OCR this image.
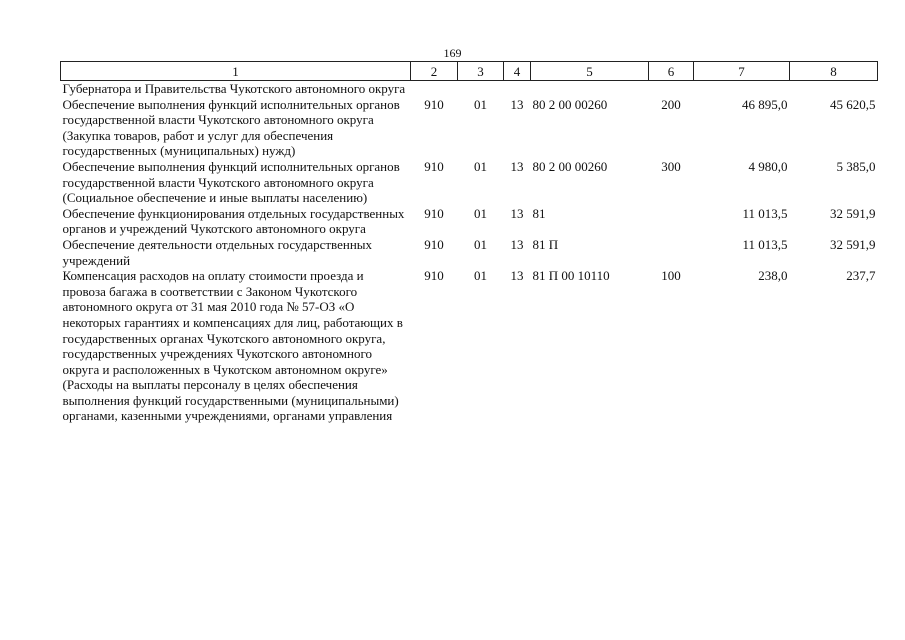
169
1	2	3	4	5	6	7	8
Губернатора и Правительства Чукотского автономного округа							
Обеспечение выполнения функций исполнительных органов государственной власти Чукотского автономного округа (Закупка товаров, работ и услуг для обеспечения государственных (муниципальных) нужд)	910	01	13	80 2 00 00260	200	46 895,0	45 620,5
Обеспечение выполнения функций исполнительных органов государственной власти Чукотского автономного округа (Социальное обеспечение и иные выплаты населению)	910	01	13	80 2 00 00260	300	4 980,0	5 385,0
Обеспечение функционирования отдельных государственных органов и учреждений Чукотского автономного округа	910	01	13	81		11 013,5	32 591,9
Обеспечение деятельности отдельных государственных учреждений	910	01	13	81 П		11 013,5	32 591,9
Компенсация расходов на оплату стоимости проезда и провоза багажа в соответствии с Законом Чукотского автономного округа от 31 мая 2010 года № 57-ОЗ «О некоторых гарантиях и компенсациях для лиц, работающих в государственных органах Чукотского автономного округа, государственных учреждениях Чукотского автономного округа и расположенных в Чукотском автономном округе» (Расходы на выплаты персоналу в целях обеспечения выполнения функций государственными (муниципальными) органами, казенными учреждениями, органами управления	910	01	13	81 П 00 10110	100	238,0	237,7
